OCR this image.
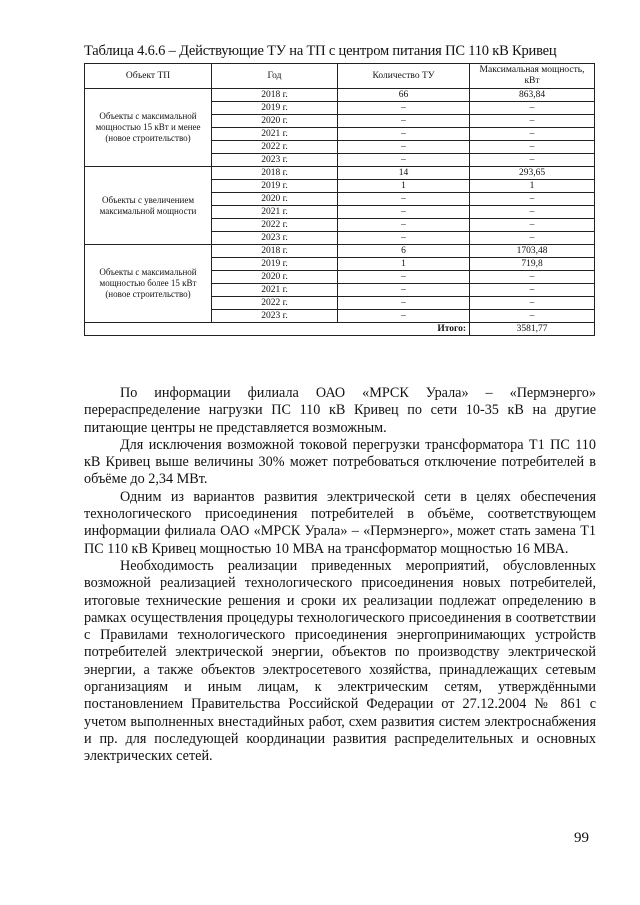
Таблица 4.6.6 – Действующие ТУ на ТП с центром питания ПС 110 кВ Кривец
Объект ТП	Год	Количество ТУ	Максимальная мощность, кВт
Объекты с максимальной мощностью 15 кВт и менее (новое строительство)	2018 г.	66	863,84
	2019 г.	–	–
	2020 г.	–	–
	2021 г.	–	–
	2022 г.	–	–
	2023 г.	–	–
Объекты с увеличением максимальной мощности	2018 г.	14	293,65
	2019 г.	1	1
	2020 г.	–	–
	2021 г.	–	–
	2022 г.	–	–
	2023 г.	–	–
Объекты с максимальной мощностью более 15 кВт (новое строительство)	2018 г.	6	1703,48
	2019 г.	1	719,8
	2020 г.	–	–
	2021 г.	–	–
	2022 г.	–	–
	2023 г.	–	–
Итого:			3581,77

По информации филиала ОАО «МРСК Урала» – «Пермэнерго» перераспределение нагрузки ПС 110 кВ Кривец по сети 10-35 кВ на другие питающие центры не представляется возможным.

Для исключения возможной токовой перегрузки трансформатора Т1 ПС 110 кВ Кривец выше величины 30% может потребоваться отключение потребителей в объёме до 2,34 МВт.

Одним из вариантов развития электрической сети в целях обеспечения технологического присоединения потребителей в объёме, соответствующем информации филиала ОАО «МРСК Урала» – «Пермэнерго», может стать замена Т1 ПС 110 кВ Кривец мощностью 10 МВА на трансформатор мощностью 16 МВА.

Необходимость реализации приведенных мероприятий, обусловленных возможной реализацией технологического присоединения новых потребителей, итоговые технические решения и сроки их реализации подлежат определению в рамках осуществления процедуры технологического присоединения в соответствии с Правилами технологического присоединения энергопринимающих устройств потребителей электрической энергии, объектов по производству электрической энергии, а также объектов электросетевого хозяйства, принадлежащих сетевым организациям и иным лицам, к электрическим сетям, утверждёнными постановлением Правительства Российской Федерации от 27.12.2004 № 861 с учетом выполненных внестадийных работ, схем развития систем электроснабжения и пр. для последующей координации развития распределительных и основных электрических сетей.

99
